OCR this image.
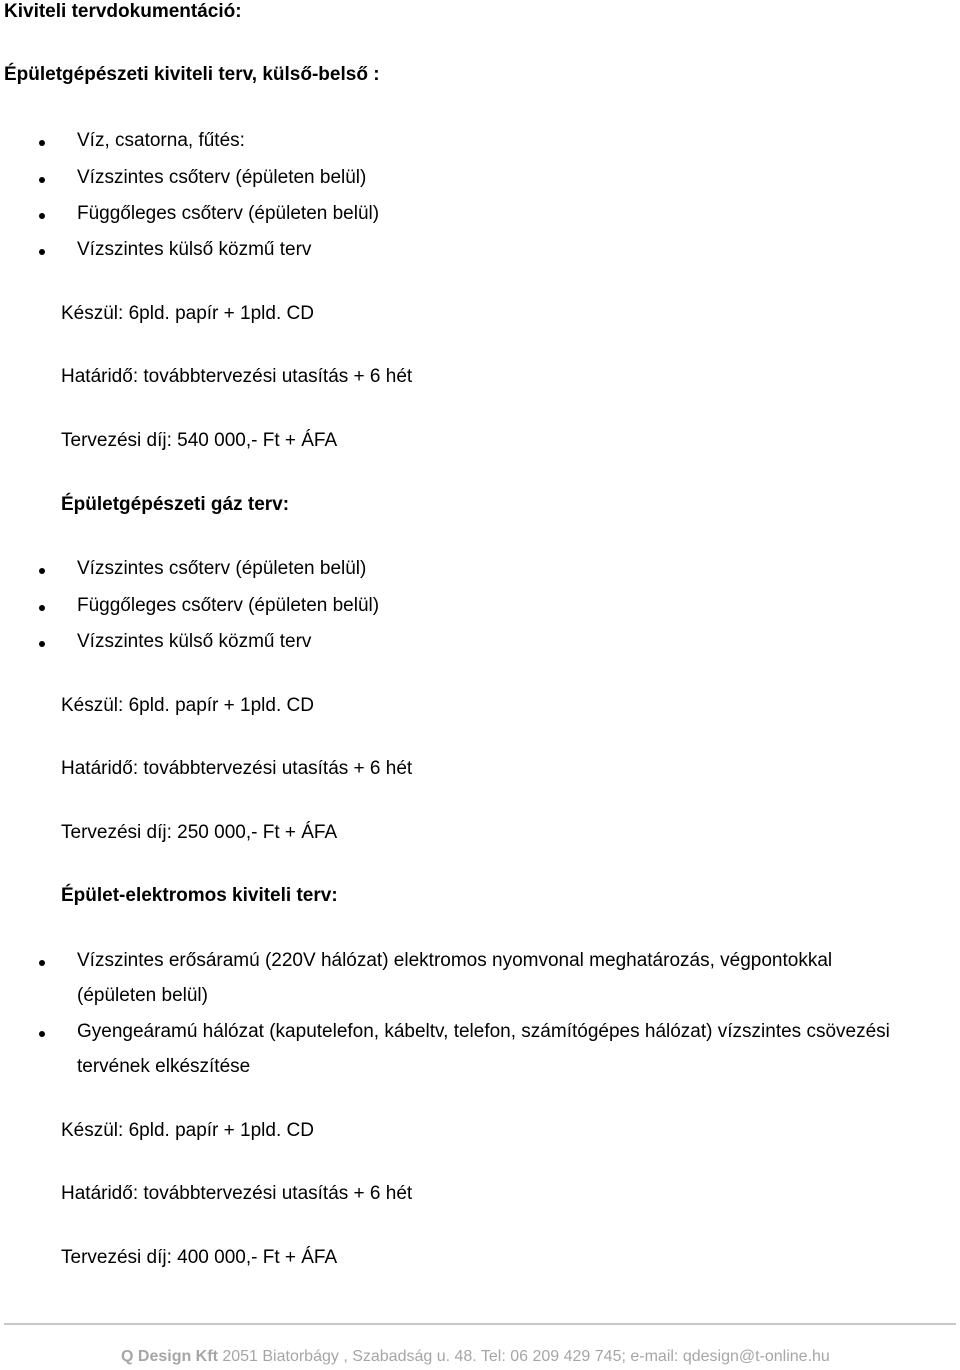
Kiviteli tervdokumentáció:
Épületgépészeti kiviteli terv, külső-belső :
Víz, csatorna, fűtés:
Vízszintes csőterv (épületen belül)
Függőleges csőterv (épületen belül)
Vízszintes külső közmű terv
Készül: 6pld. papír + 1pld. CD
Határidő: továbbtervezési utasítás + 6 hét
Tervezési díj: 540 000,- Ft + ÁFA
Épületgépészeti gáz terv:
Vízszintes csőterv (épületen belül)
Függőleges csőterv (épületen belül)
Vízszintes külső közmű terv
Készül: 6pld. papír + 1pld. CD
Határidő: továbbtervezési utasítás + 6 hét
Tervezési díj: 250 000,- Ft + ÁFA
Épület-elektromos kiviteli terv:
Vízszintes erősáramú (220V hálózat) elektromos nyomvonal meghatározás, végpontokkal
(épületen belül)
Gyengeáramú hálózat (kaputelefon, kábeltv, telefon, számítógépes hálózat) vízszintes csövezési
tervének elkészítése
Készül: 6pld. papír + 1pld. CD
Határidő: továbbtervezési utasítás + 6 hét
Tervezési díj: 400 000,- Ft + ÁFA
Q Design Kft 2051 Biatorbágy , Szabadság u. 48. Tel: 06 209 429 745; e-mail: qdesign@t-online.hu
